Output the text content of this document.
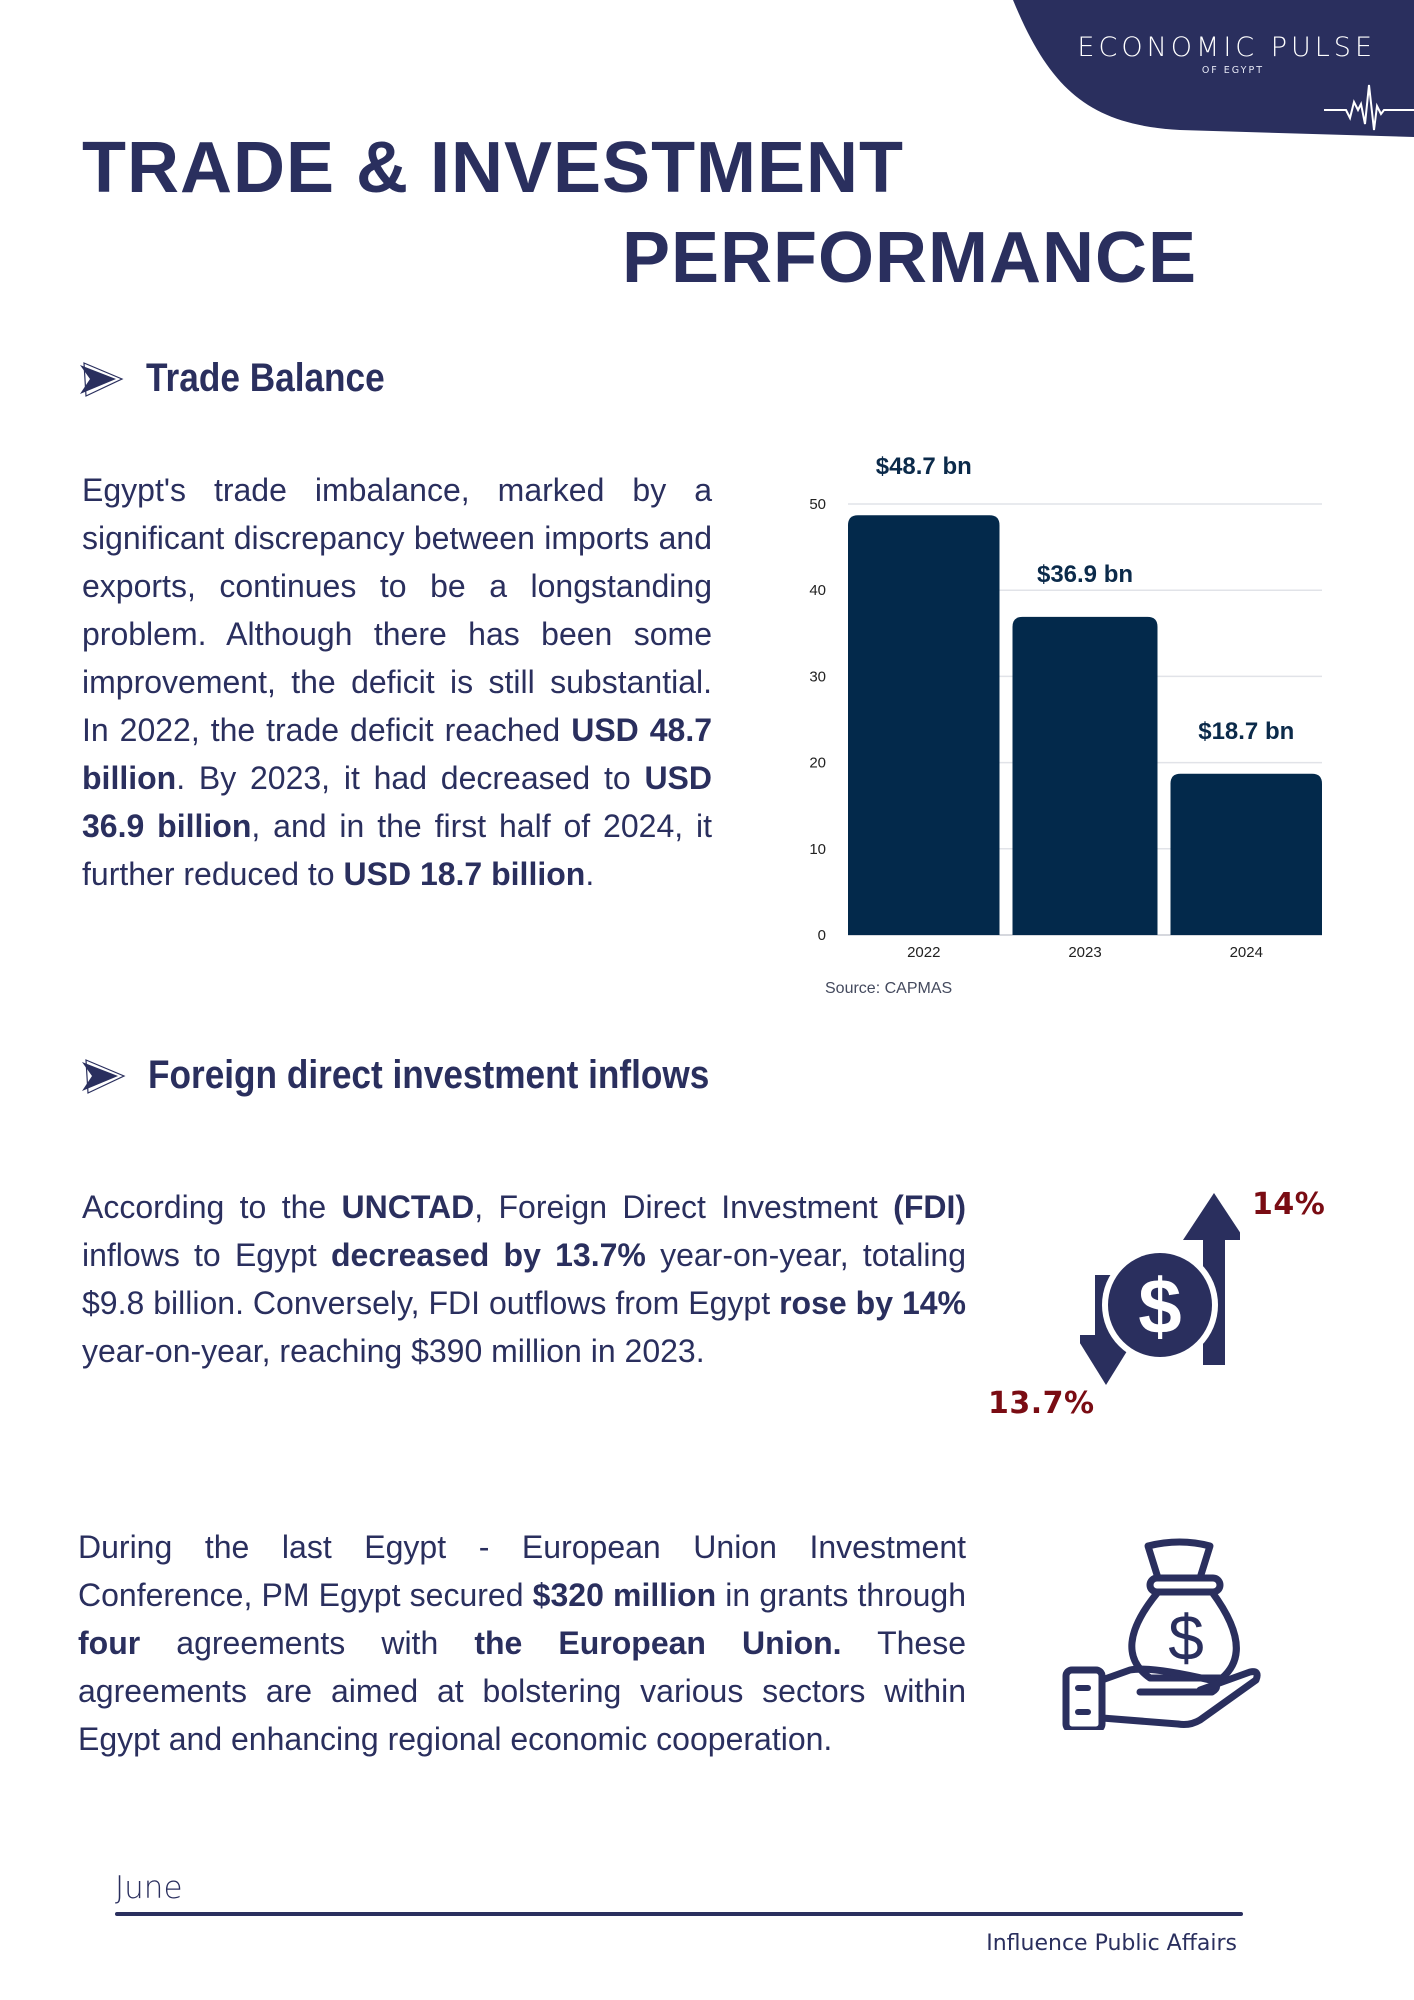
ECONOMIC PULSE
OF EGYPT
TRADE & INVESTMENT
PERFORMANCE
Trade Balance
Egypt's trade imbalance, marked by a significant discrepancy between imports and exports, continues to be a longstanding problem. Although there has been some improvement, the deficit is still substantial. In 2022, the trade deficit reached USD 48.7 billion. By 2023, it had decreased to USD 36.9 billion, and in the first half of 2024, it further reduced to USD 18.7 billion.
0
10
20
30
40
50
$48.7 bn
2022
$36.9 bn
2023
$18.7 bn
2024
Source: CAPMAS
Foreign direct investment inflows
According to the UNCTAD, Foreign Direct Investment (FDI) inflows to Egypt decreased by 13.7% year-on-year, totaling $9.8 billion. Conversely, FDI outflows from Egypt rose by 14% year-on-year, reaching $390 million in 2023.
$
14%
13.7%
During the last Egypt - European Union Investment Conference, PM Egypt secured $320 million in grants through four agreements with the European Union. These agreements are aimed at bolstering various sectors within Egypt and enhancing regional economic cooperation.
$
June
Influence Public Affairs
